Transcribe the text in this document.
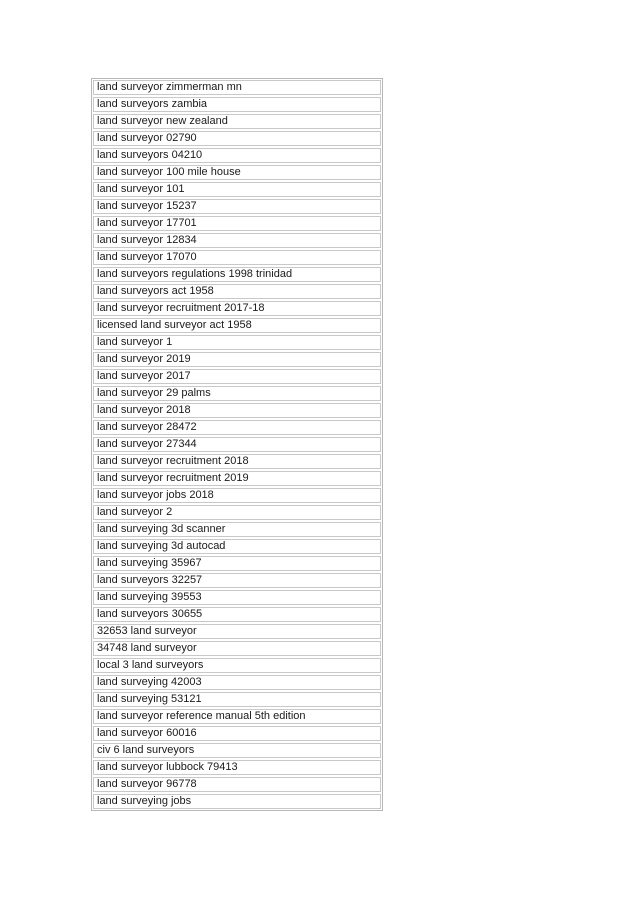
land surveyor zimmerman mn
land surveyors zambia
land surveyor new zealand
land surveyor 02790
land surveyors 04210
land surveyor 100 mile house
land surveyor 101
land surveyor 15237
land surveyor 17701
land surveyor 12834
land surveyor 17070
land surveyors regulations 1998 trinidad
land surveyors act 1958
land surveyor recruitment 2017-18
licensed land surveyor act 1958
land surveyor 1
land surveyor 2019
land surveyor 2017
land surveyor 29 palms
land surveyor 2018
land surveyor 28472
land surveyor 27344
land surveyor recruitment 2018
land surveyor recruitment 2019
land surveyor jobs 2018
land surveyor 2
land surveying 3d scanner
land surveying 3d autocad
land surveying 35967
land surveyors 32257
land surveying 39553
land surveyors 30655
32653 land surveyor
34748 land surveyor
local 3 land surveyors
land surveying 42003
land surveying 53121
land surveyor reference manual 5th edition
land surveyor 60016
civ 6 land surveyors
land surveyor lubbock 79413
land surveyor 96778
land surveying jobs
